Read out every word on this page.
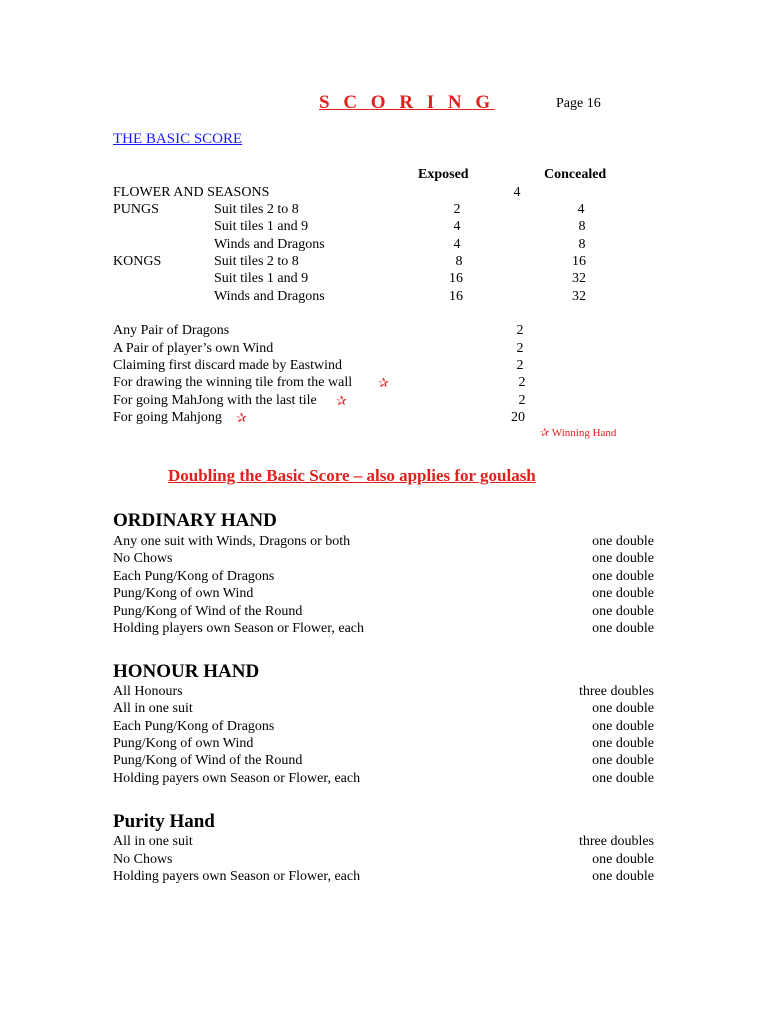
S C O R I N G	Page 16
THE BASIC SCORE
Exposed	Concealed
FLOWER AND SEASONS	4
PUNGS	Suit tiles 2 to 8	2	4
Suit tiles 1 and 9	4	8
Winds and Dragons	4	8
KONGS	Suit tiles 2 to 8	8	16
Suit tiles 1 and 9	16	32
Winds and Dragons	16	32
Any Pair of Dragons	2
A Pair of player’s own Wind	2
Claiming first discard made by Eastwind	2
For drawing the winning tile from the wall ✰	2
For going MahJong with the last tile ✰	2
For going Mahjong ✰	20
✰ Winning Hand
Doubling the Basic Score – also applies for goulash
ORDINARY HAND
Any one suit with Winds, Dragons or both	one double
No Chows	one double
Each Pung/Kong of Dragons	one double
Pung/Kong of own Wind	one double
Pung/Kong of Wind of the Round	one double
Holding players own Season or Flower, each	one double
HONOUR HAND
All Honours	three doubles
All in one suit	one double
Each Pung/Kong of Dragons	one double
Pung/Kong of own Wind	one double
Pung/Kong of Wind of the Round	one double
Holding payers own Season or Flower, each	one double
Purity Hand
All in one suit	three doubles
No Chows	one double
Holding payers own Season or Flower, each	one double
